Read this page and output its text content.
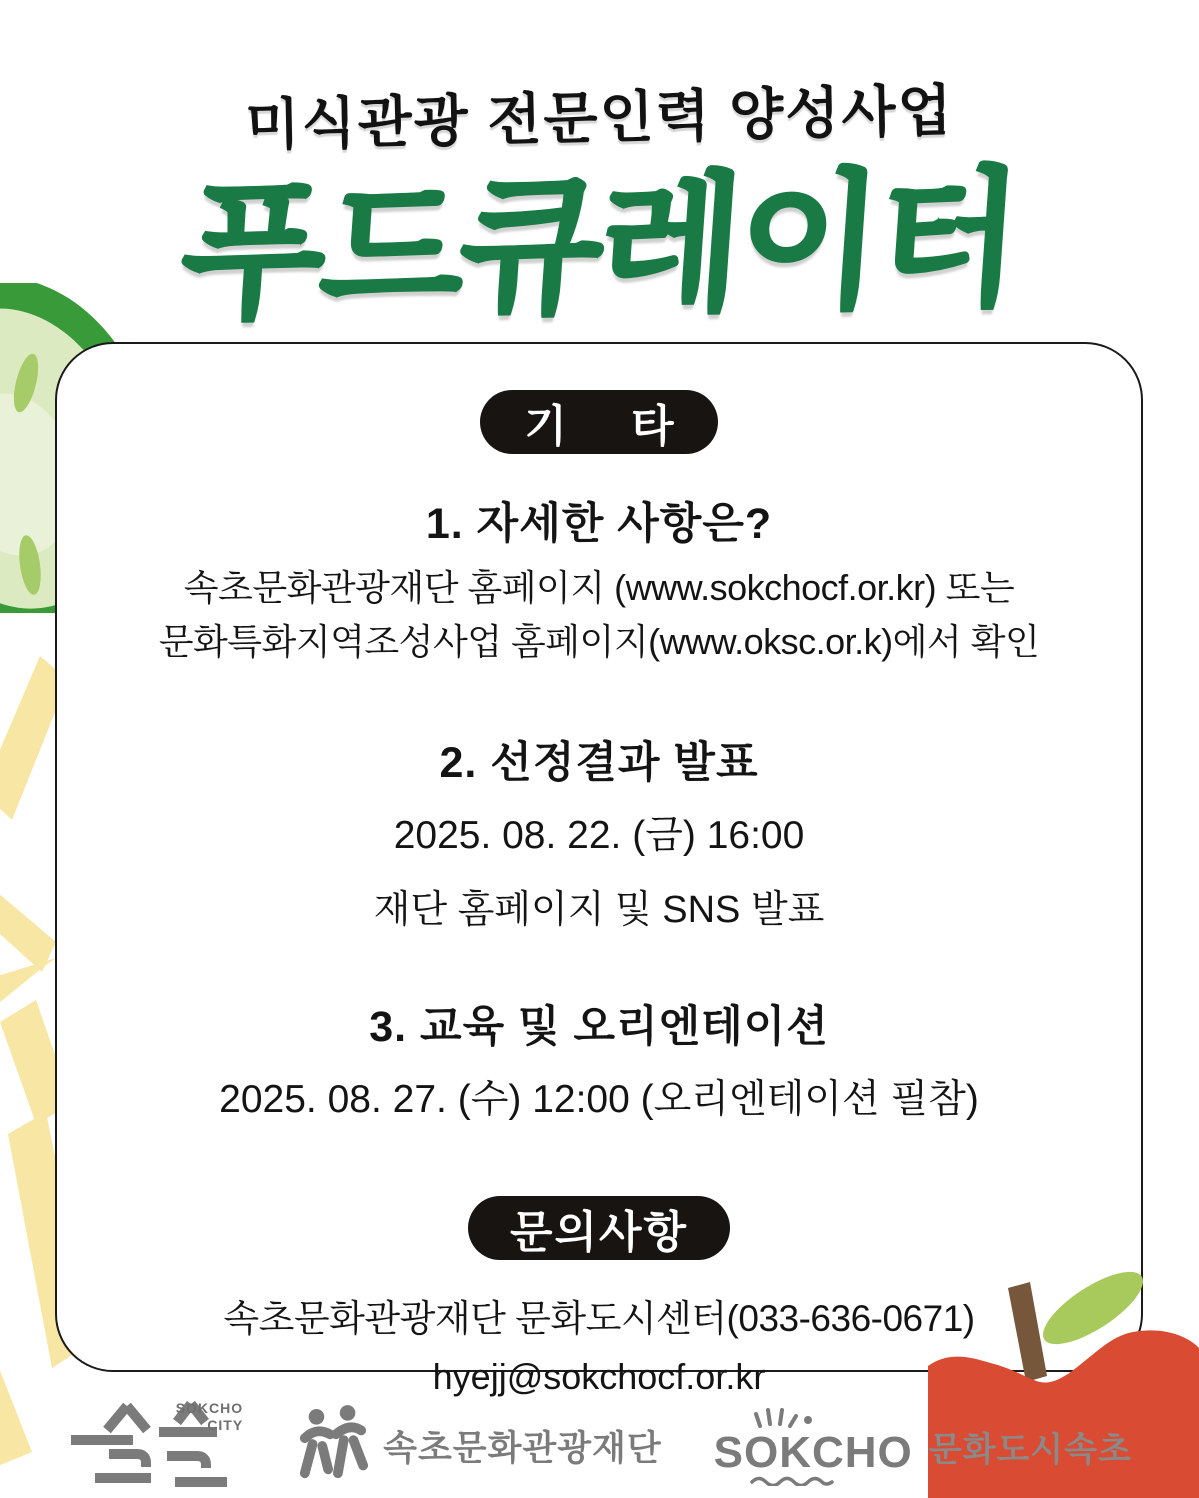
미식관광 전문인력 양성사업
푸드큐레이터
기 타
1. 자세한 사항은?
속초문화관광재단 홈페이지 (www.sokchocf.or.kr) 또는
문화특화지역조성사업 홈페이지(www.oksc.or.k)에서 확인
2. 선정결과 발표
2025. 08. 22. (금) 16:00
재단 홈페이지 및 SNS 발표
3. 교육 및 오리엔테이션
2025. 08. 27. (수) 12:00 (오리엔테이션 필참)
문의사항
속초문화관광재단 문화도시센터(033-636-0671)
hyejj@sokchocf.or.kr
SOKCHO
CITY
속초문화관광재단 SOKCHO 문화도시속초
